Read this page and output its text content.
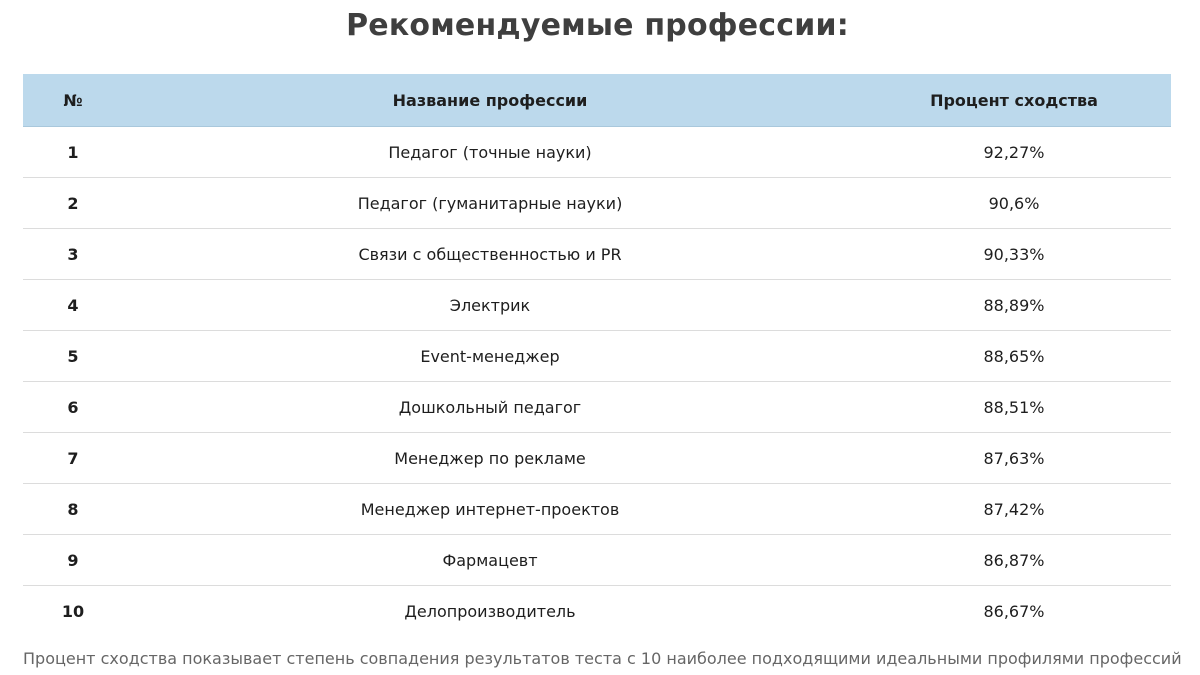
Рекомендуемые профессии:
№	Название профессии	Процент сходства
1	Педагог (точные науки)	92,27%
2	Педагог (гуманитарные науки)	90,6%
3	Связи с общественностью и PR	90,33%
4	Электрик	88,89%
5	Event-менеджер	88,65%
6	Дошкольный педагог	88,51%
7	Менеджер по рекламе	87,63%
8	Менеджер интернет-проектов	87,42%
9	Фармацевт	86,87%
10	Делопроизводитель	86,67%
Процент сходства показывает степень совпадения результатов теста с 10 наиболее подходящими идеальными профилями профессий
